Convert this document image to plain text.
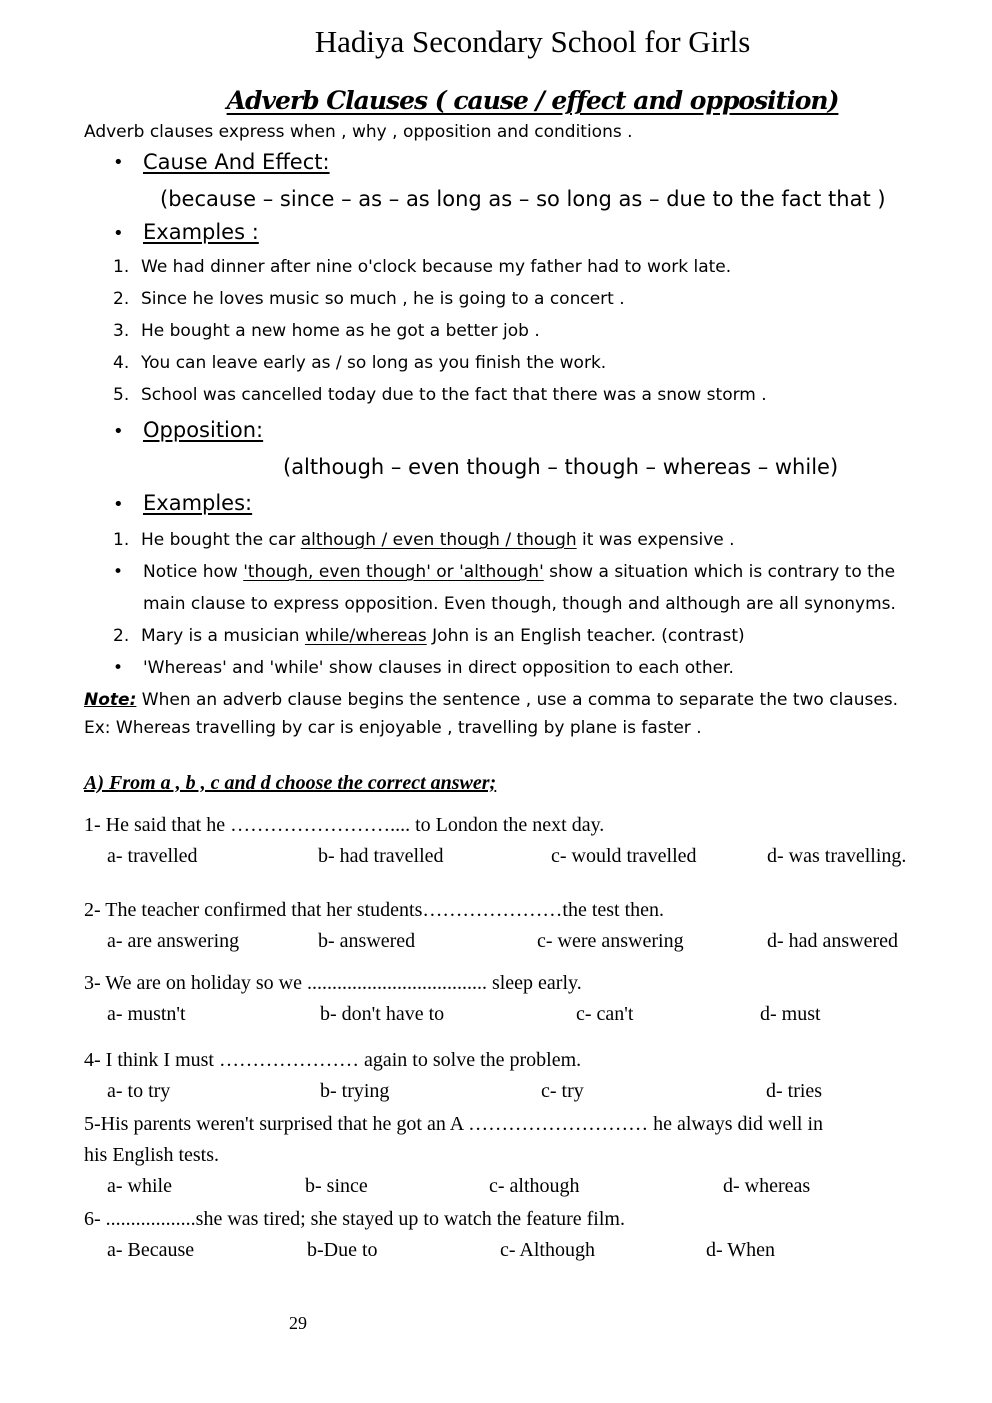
Hadiya Secondary School for Girls
Adverb Clauses ( cause / effect and opposition)
Adverb clauses express when , why , opposition and conditions .
• Cause And Effect:
(because – since – as – as long as – so long as – due to the fact that )
• Examples :
1. We had dinner after nine o'clock because my father had to work late.
2. Since he loves music so much , he is going to a concert .
3. He bought a new home as he got a better job .
4. You can leave early as / so long as you finish the work.
5. School was cancelled today due to the fact that there was a snow storm .
• Opposition:
(although – even though – though – whereas – while)
• Examples:
1. He bought the car although / even though / though it was expensive .
• Notice how 'though, even though' or 'although' show a situation which is contrary to the
main clause to express opposition. Even though, though and although are all synonyms.
2. Mary is a musician while/whereas John is an English teacher. (contrast)
• 'Whereas' and 'while' show clauses in direct opposition to each other.
Note: When an adverb clause begins the sentence , use a comma to separate the two clauses.
Ex: Whereas travelling by car is enjoyable , travelling by plane is faster .
A) From a , b , c and d choose the correct answer;
1- He said that he …………………….... to London the next day.
a- travelled	b- had travelled	c- would travelled	d- was travelling.
2- The teacher confirmed that her students…………………the test then.
a- are answering	b- answered	c- were answering	d- had answered
3- We are on holiday so we .................................... sleep early.
a- mustn't	b- don't have to	c- can't	d- must
4- I think I must ………………… again to solve the problem.
a- to try	b- trying	c- try	d- tries
5-His parents weren't surprised that he got an A ……………………… he always did well in
his English tests.
a- while	b- since	c- although	d- whereas
6- ..................she was tired; she stayed up to watch the feature film.
a- Because	b-Due to	c- Although	d- When
29
